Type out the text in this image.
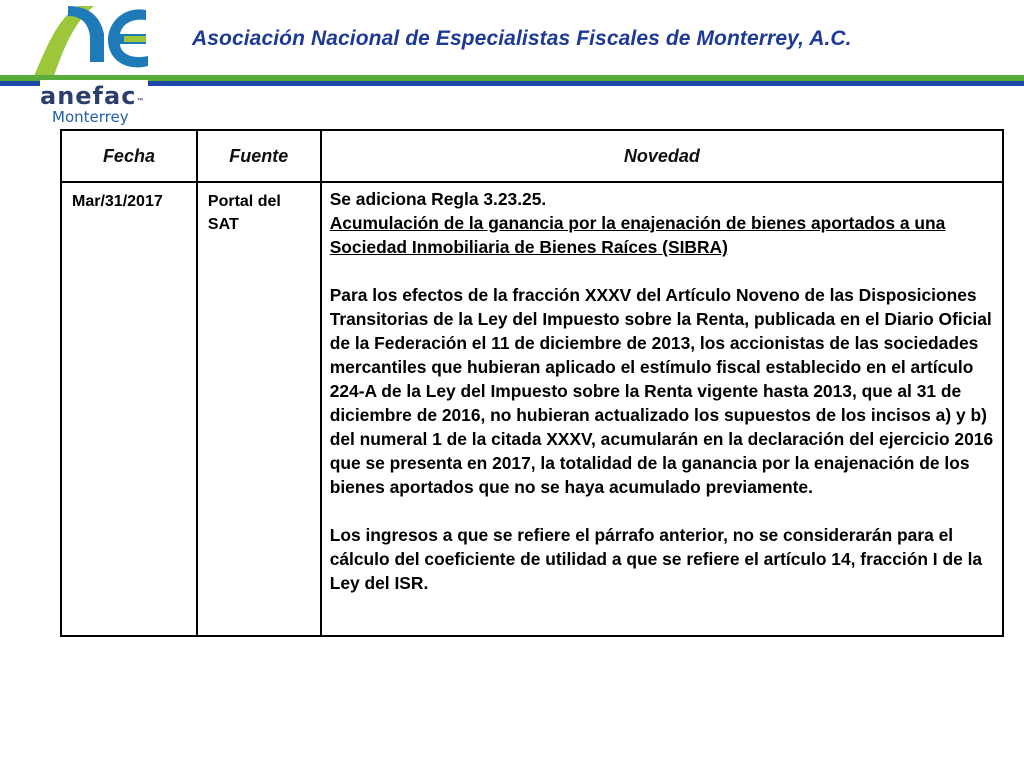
Asociación Nacional de Especialistas Fiscales de Monterrey, A.C.
anefac™
Monterrey
Fecha	Fuente	Novedad
Mar/31/2017	Portal del SAT	Se adiciona Regla 3.23.25.

Acumulación de la ganancia por la enajenación de bienes aportados a una Sociedad Inmobiliaria de Bienes Raíces (SIBRA)

Para los efectos de la fracción XXXV del Artículo Noveno de las Disposiciones Transitorias de la Ley del Impuesto sobre la Renta, publicada en el Diario Oficial de la Federación el 11 de diciembre de 2013, los accionistas de las sociedades mercantiles que hubieran aplicado el estímulo fiscal establecido en el artículo 224-A de la Ley del Impuesto sobre la Renta vigente hasta 2013, que al 31 de diciembre de 2016, no hubieran actualizado los supuestos de los incisos a) y b) del numeral 1 de la citada XXXV, acumularán en la declaración del ejercicio 2016 que se presenta en 2017, la totalidad de la ganancia por la enajenación de los bienes aportados que no se haya acumulado previamente.

Los ingresos a que se refiere el párrafo anterior, no se considerarán para el cálculo del coeficiente de utilidad a que se refiere el artículo 14, fracción I de la Ley del ISR.
